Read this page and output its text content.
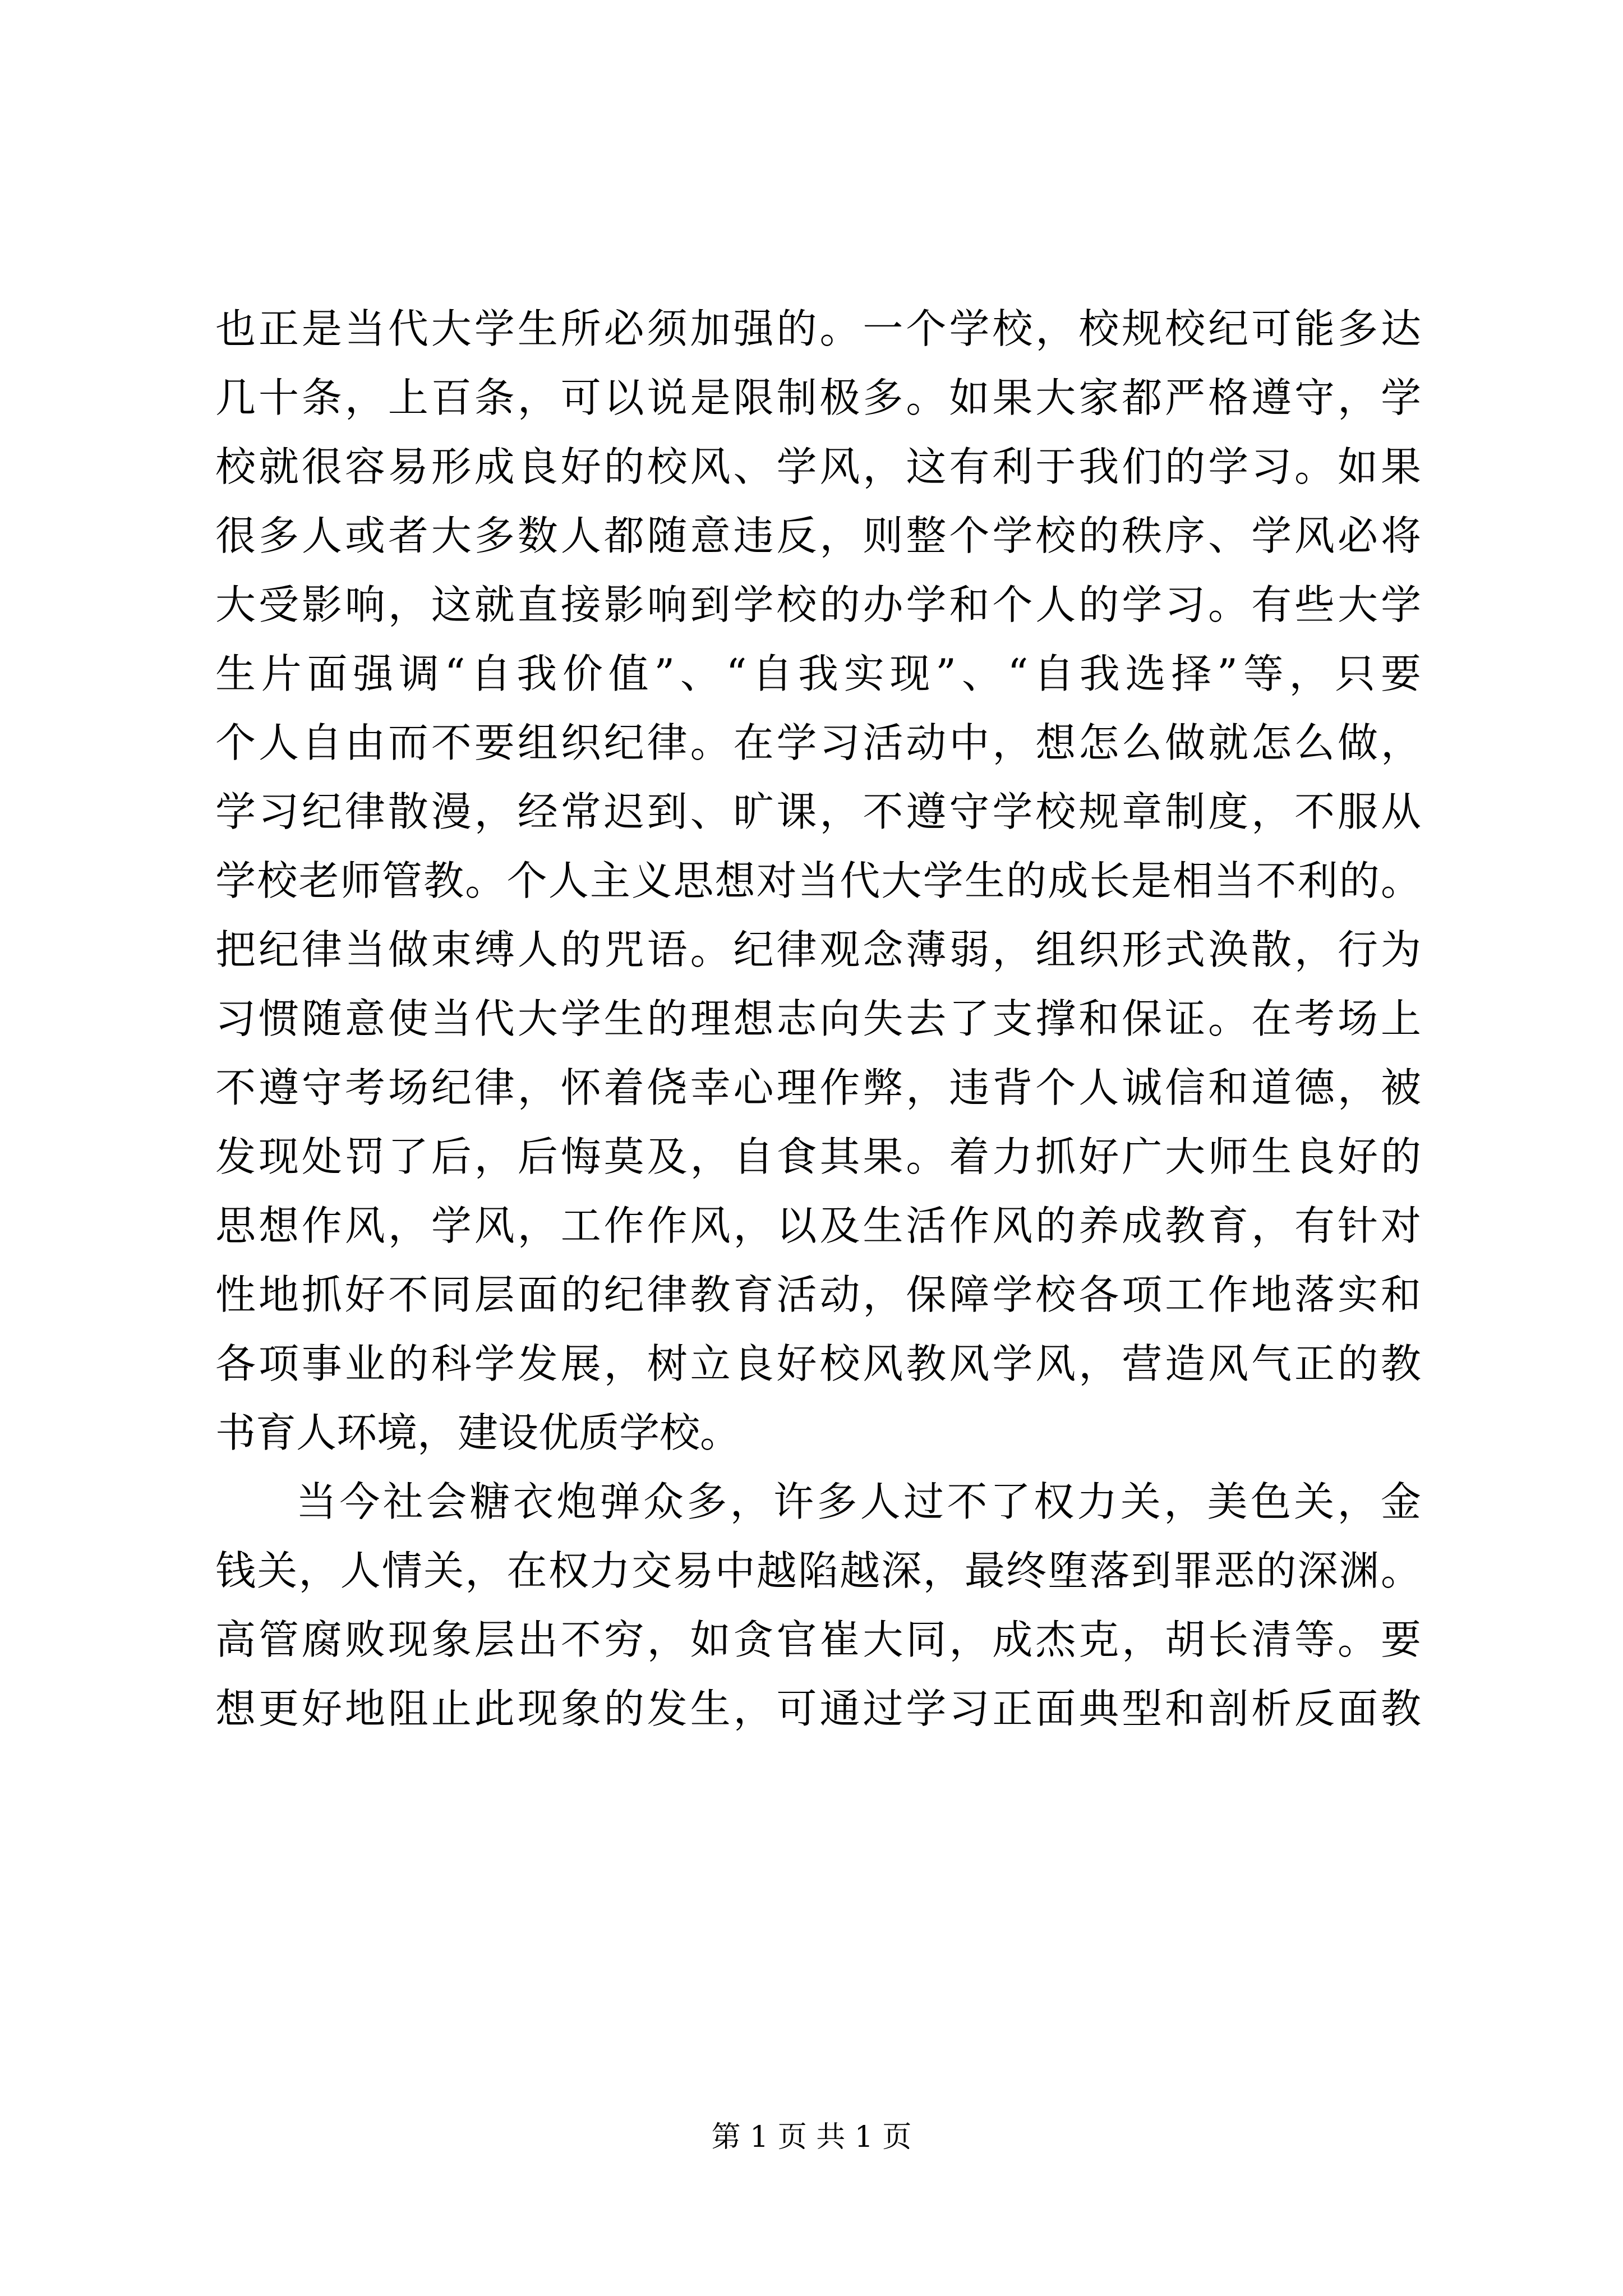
也正是当代大学生所必须加强的。一个学校，校规校纪可能多达
几十条，上百条，可以说是限制极多。如果大家都严格遵守，学
校就很容易形成良好的校风、学风，这有利于我们的学习。如果
很多人或者大多数人都随意违反，则整个学校的秩序、学风必将
大受影响，这就直接影响到学校的办学和个人的学习。有些大学
生片面强调“自我价值”、“自我实现”、“自我选择”等，只要
个人自由而不要组织纪律。在学习活动中，想怎么做就怎么做，
学习纪律散漫，经常迟到、旷课，不遵守学校规章制度，不服从
学校老师管教。个人主义思想对当代大学生的成长是相当不利的。
把纪律当做束缚人的咒语。纪律观念薄弱，组织形式涣散，行为
习惯随意使当代大学生的理想志向失去了支撑和保证。在考场上
不遵守考场纪律，怀着侥幸心理作弊，违背个人诚信和道德，被
发现处罚了后，后悔莫及，自食其果。着力抓好广大师生良好的
思想作风，学风，工作作风，以及生活作风的养成教育，有针对
性地抓好不同层面的纪律教育活动，保障学校各项工作地落实和
各项事业的科学发展，树立良好校风教风学风，营造风气正的教
书育人环境，建设优质学校。
当今社会糖衣炮弹众多，许多人过不了权力关，美色关，金
钱关，人情关，在权力交易中越陷越深，最终堕落到罪恶的深渊。
高管腐败现象层出不穷，如贪官崔大同，成杰克，胡长清等。要
想更好地阻止此现象的发生，可通过学习正面典型和剖析反面教
第 1 页 共 1 页
